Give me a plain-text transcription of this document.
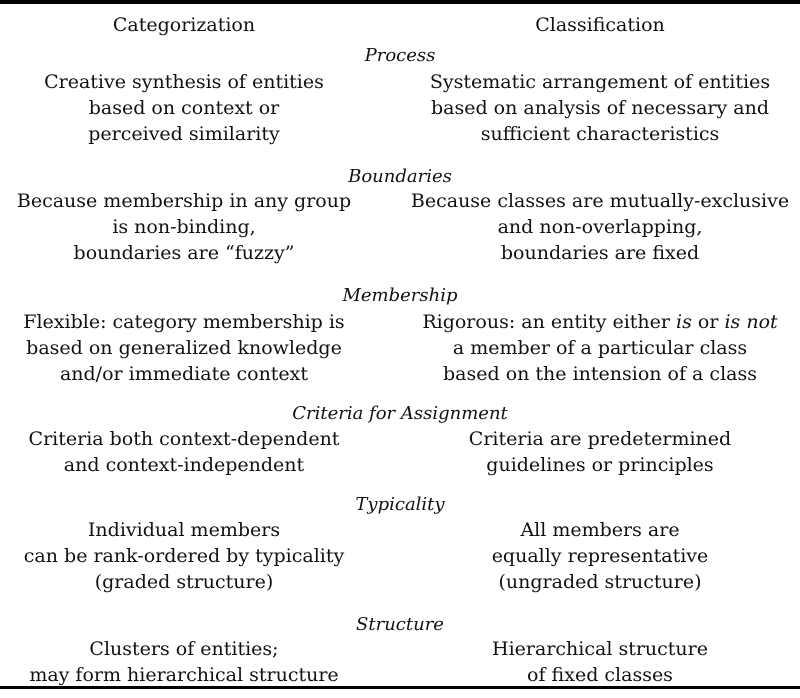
Categorization	Classification
Process
Creative synthesis of entities
based on context or
perceived similarity
Systematic arrangement of entities
based on analysis of necessary and
sufficient characteristics
Boundaries
Because membership in any group
is non-binding,
boundaries are “fuzzy”
Because classes are mutually-exclusive
and non-overlapping,
boundaries are fixed
Membership
Flexible: category membership is
based on generalized knowledge
and/or immediate context
Rigorous: an entity either is or is not
a member of a particular class
based on the intension of a class
Criteria for Assignment
Criteria both context-dependent
and context-independent
Criteria are predetermined
guidelines or principles
Typicality
Individual members
can be rank-ordered by typicality
(graded structure)
All members are
equally representative
(ungraded structure)
Structure
Clusters of entities;
may form hierarchical structure
Hierarchical structure
of fixed classes
